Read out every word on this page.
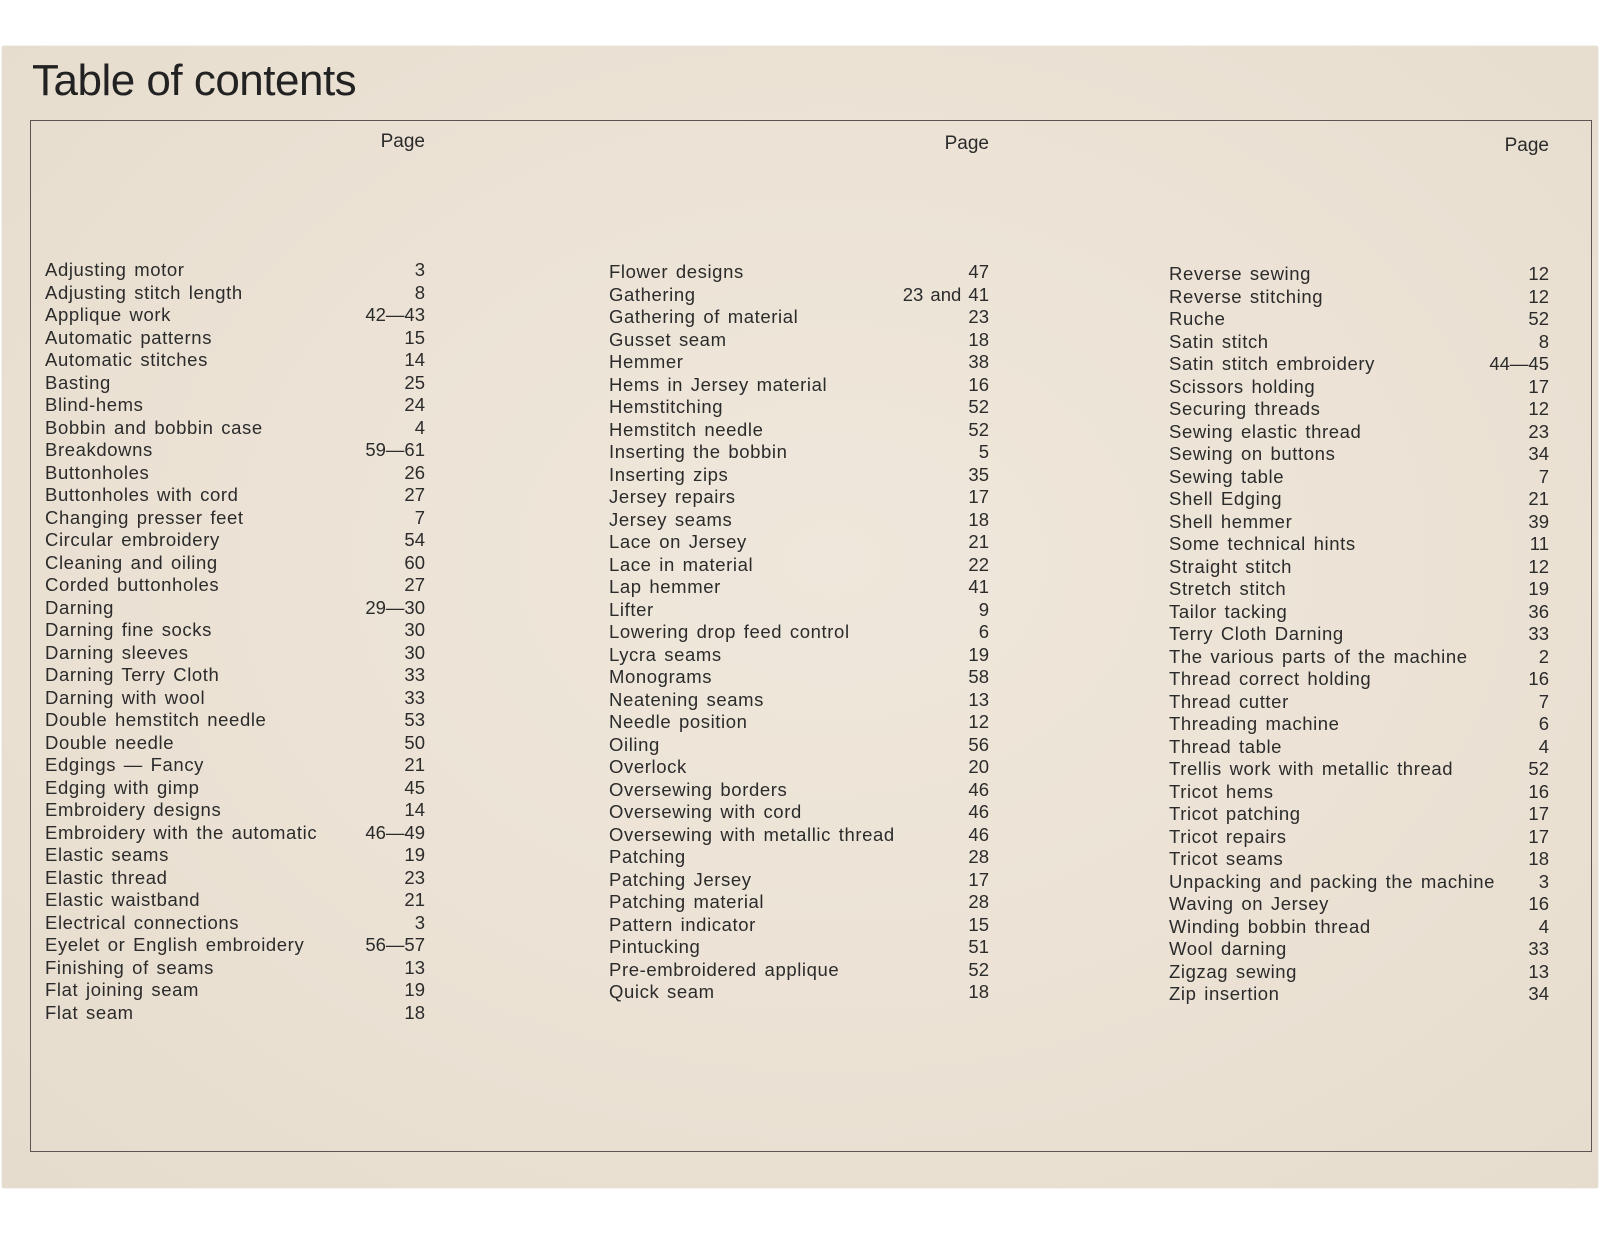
Table of contents
Page
Adjusting motor	3
Adjusting stitch length	8
Applique work	42—43
Automatic patterns	15
Automatic stitches	14
Basting	25
Blind-hems	24
Bobbin and bobbin case	4
Breakdowns	59—61
Buttonholes	26
Buttonholes with cord	27
Changing presser feet	7
Circular embroidery	54
Cleaning and oiling	60
Corded buttonholes	27
Darning	29—30
Darning fine socks	30
Darning sleeves	30
Darning Terry Cloth	33
Darning with wool	33
Double hemstitch needle	53
Double needle	50
Edgings — Fancy	21
Edging with gimp	45
Embroidery designs	14
Embroidery with the automatic	46—49
Elastic seams	19
Elastic thread	23
Elastic waistband	21
Electrical connections	3
Eyelet or English embroidery	56—57
Finishing of seams	13
Flat joining seam	19
Flat seam	18
Page
Flower designs	47
Gathering	23 and 41
Gathering of material	23
Gusset seam	18
Hemmer	38
Hems in Jersey material	16
Hemstitching	52
Hemstitch needle	52
Inserting the bobbin	5
Inserting zips	35
Jersey repairs	17
Jersey seams	18
Lace on Jersey	21
Lace in material	22
Lap hemmer	41
Lifter	9
Lowering drop feed control	6
Lycra seams	19
Monograms	58
Neatening seams	13
Needle position	12
Oiling	56
Overlock	20
Oversewing borders	46
Oversewing with cord	46
Oversewing with metallic thread	46
Patching	28
Patching Jersey	17
Patching material	28
Pattern indicator	15
Pintucking	51
Pre-embroidered applique	52
Quick seam	18
Page
Reverse sewing	12
Reverse stitching	12
Ruche	52
Satin stitch	8
Satin stitch embroidery	44—45
Scissors holding	17
Securing threads	12
Sewing elastic thread	23
Sewing on buttons	34
Sewing table	7
Shell Edging	21
Shell hemmer	39
Some technical hints	11
Straight stitch	12
Stretch stitch	19
Tailor tacking	36
Terry Cloth Darning	33
The various parts of the machine	2
Thread correct holding	16
Thread cutter	7
Threading machine	6
Thread table	4
Trellis work with metallic thread	52
Tricot hems	16
Tricot patching	17
Tricot repairs	17
Tricot seams	18
Unpacking and packing the machine 3
Waving on Jersey	16
Winding bobbin thread	4
Wool darning	33
Zigzag sewing	13
Zip insertion	34
